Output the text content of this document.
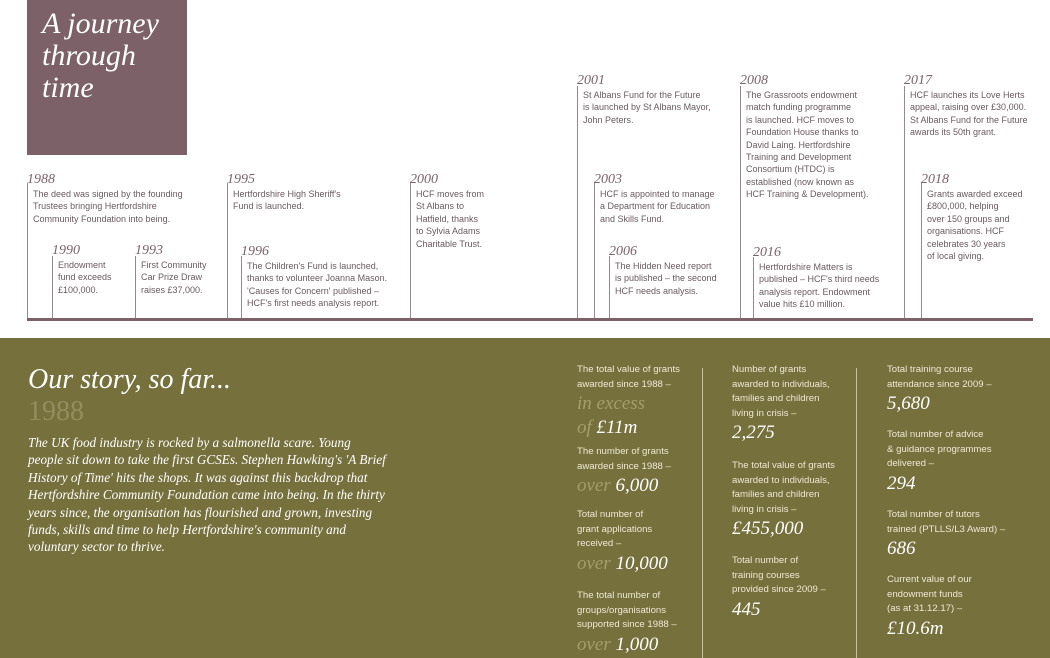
A journey through time
1988
The deed was signed by the founding
Trustees bringing Hertfordshire
Community Foundation into being.
1990
Endowment
fund exceeds
£100,000.
1993
First Community
Car Prize Draw
raises £37,000.
1995
Hertfordshire High Sheriff's
Fund is launched.
1996
The Children's Fund is launched,
thanks to volunteer Joanna Mason.
'Causes for Concern' published –
HCF's first needs analysis report.
2000
HCF moves from
St Albans to
Hatfield, thanks
to Sylvia Adams
Charitable Trust.
2001
St Albans Fund for the Future
is launched by St Albans Mayor,
John Peters.
2003
HCF is appointed to manage
a Department for Education
and Skills Fund.
2006
The Hidden Need report
is published – the second
HCF needs analysis.
2008
The Grassroots endowment
match funding programme
is launched. HCF moves to
Foundation House thanks to
David Laing. Hertfordshire
Training and Development
Consortium (HTDC) is
established (now known as
HCF Training & Development).
2016
Hertfordshire Matters is
published – HCF's third needs
analysis report. Endowment
value hits £10 million.
2017
HCF launches its Love Herts
appeal, raising over £30,000.
St Albans Fund for the Future
awards its 50th grant.
2018
Grants awarded exceed
£800,000, helping
over 150 groups and
organisations. HCF
celebrates 30 years
of local giving.
Our story, so far...
1988

The UK food industry is rocked by a salmonella scare. Young people sit down to take the first GCSEs. Stephen Hawking's 'A Brief History of Time' hits the shops. It was against this backdrop that Hertfordshire Community Foundation came into being. In the thirty years since, the organisation has flourished and grown, investing funds, skills and time to help Hertfordshire's community and voluntary sector to thrive.

The total value of grants
awarded since 1988 –
in excess
of £11m
The number of grants
awarded since 1988 –
over 6,000
Total number of
grant applications
received –
over 10,000
The total number of
groups/organisations
supported since 1988 –
over 1,000
Number of grants
awarded to individuals,
families and children
living in crisis –
2,275
The total value of grants
awarded to individuals,
families and children
living in crisis –
£455,000
Total number of
training courses
provided since 2009 –
445
Total training course
attendance since 2009 –
5,680
Total number of advice
& guidance programmes
delivered –
294
Total number of tutors
trained (PTLLS/L3 Award) –
686
Current value of our
endowment funds
(as at 31.12.17) –
£10.6m
